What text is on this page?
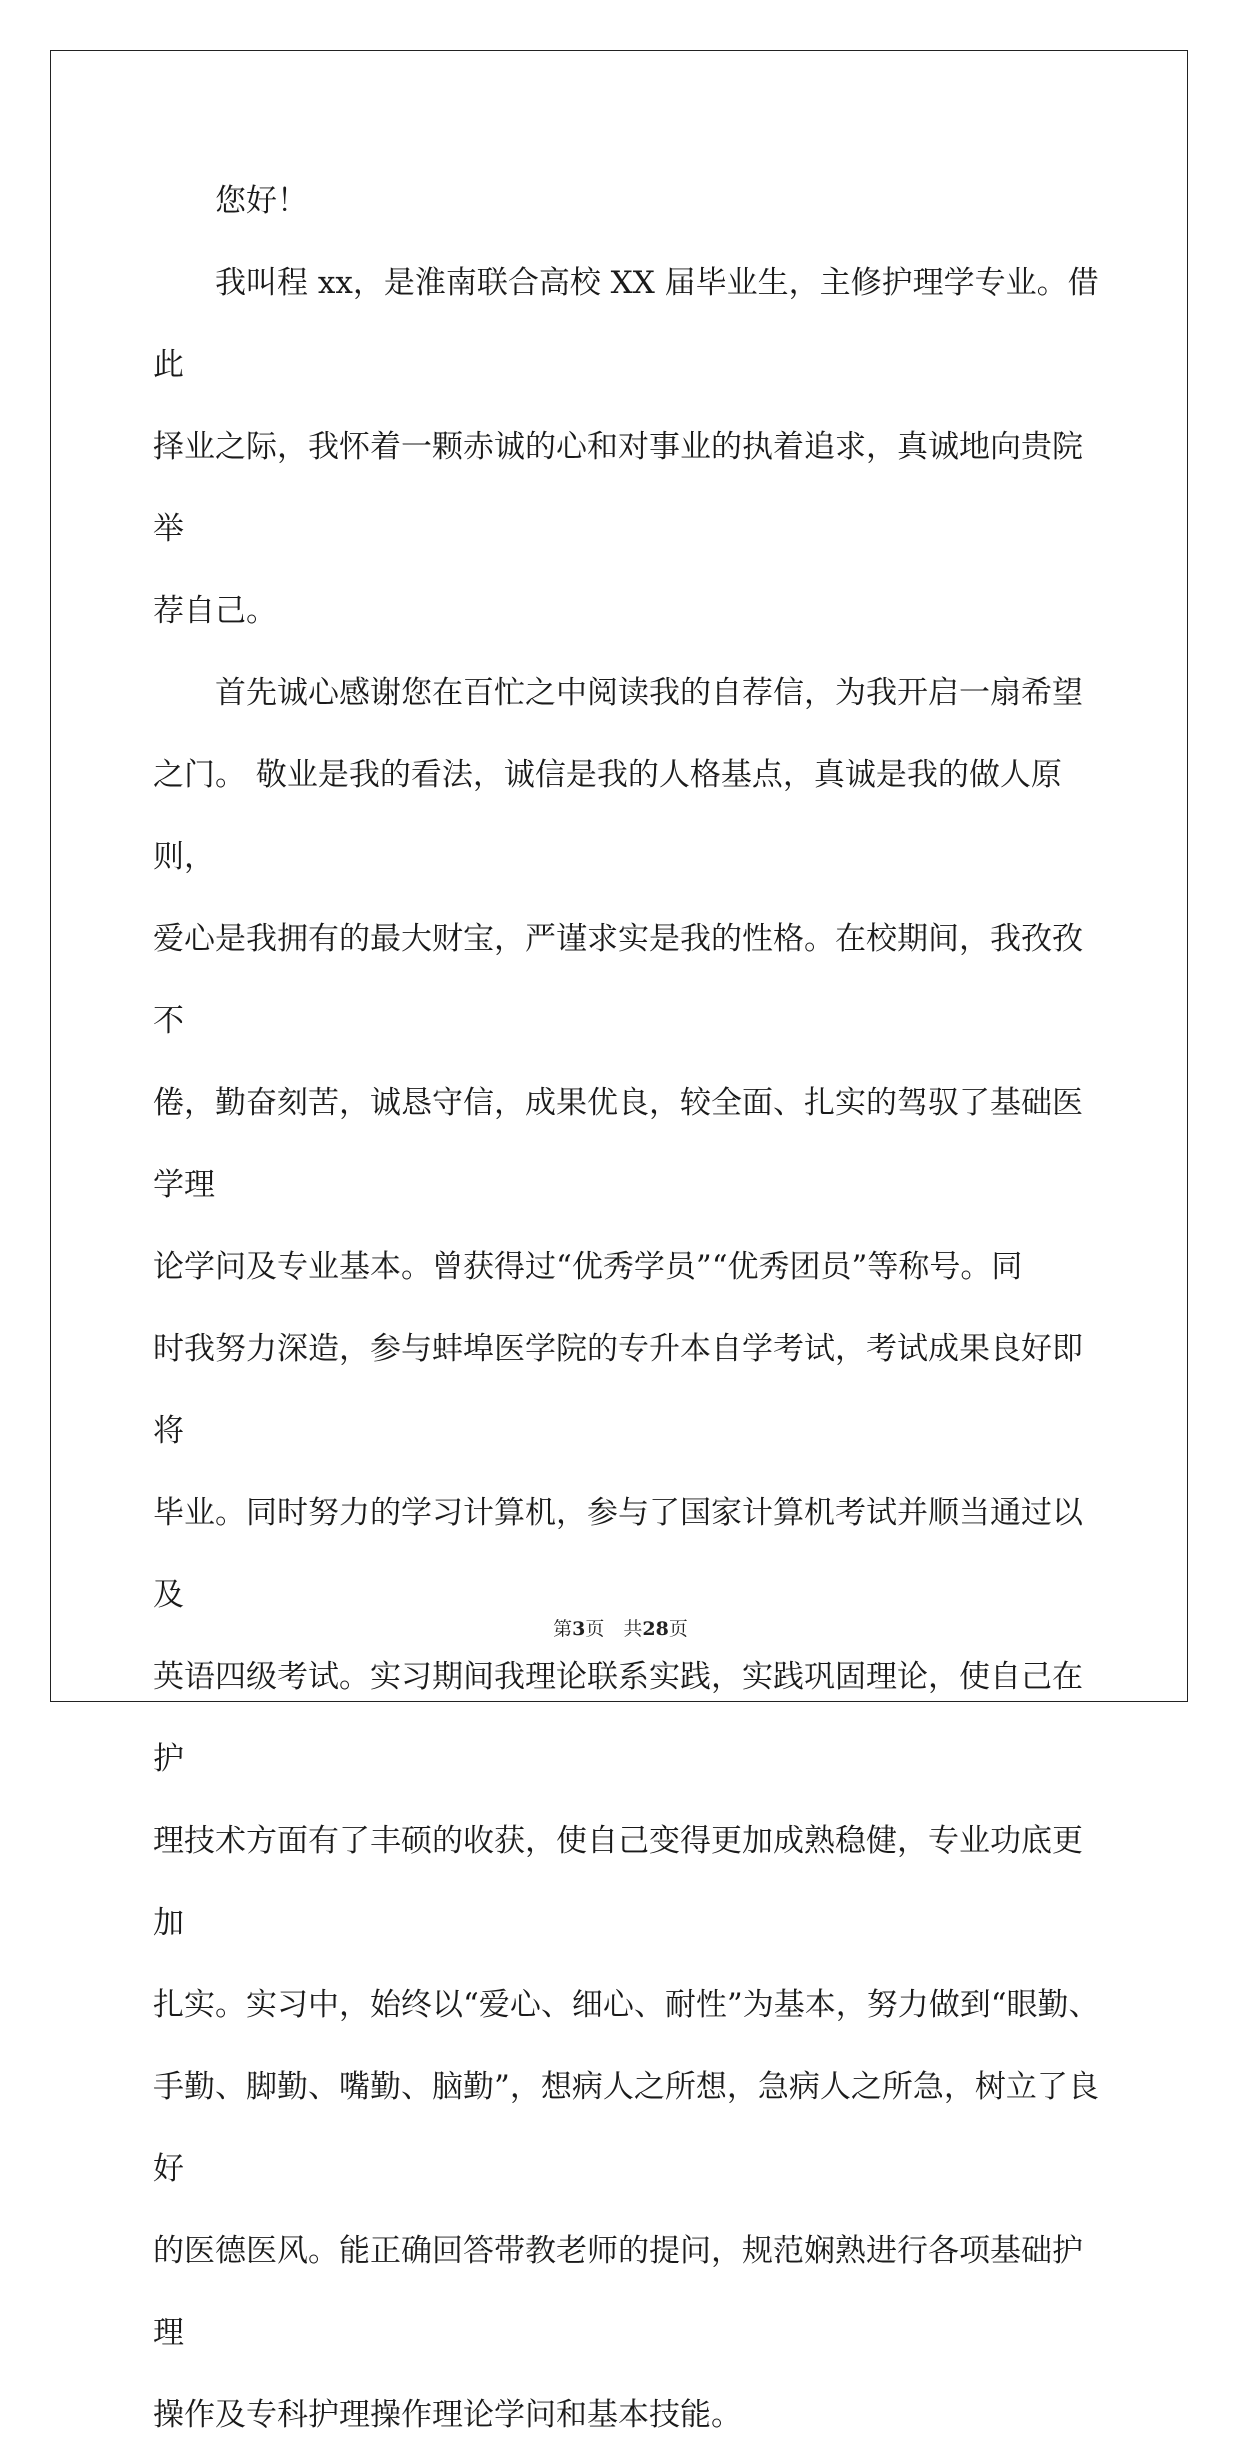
　　您好！

　　我叫程 xx，是淮南联合高校 XX 届毕业生，主修护理学专业。借此

择业之际，我怀着一颗赤诚的心和对事业的执着追求，真诚地向贵院举

荐自己。

　　首先诚心感谢您在百忙之中阅读我的自荐信，为我开启一扇希望

之门。 敬业是我的看法，诚信是我的人格基点，真诚是我的做人原则，

爱心是我拥有的最大财宝，严谨求实是我的性格。在校期间，我孜孜不

倦，勤奋刻苦，诚恳守信，成果优良，较全面、扎实的驾驭了基础医学理

论学问及专业基本。曾获得过“优秀学员”“优秀团员”等称号。同

时我努力深造，参与蚌埠医学院的专升本自学考试，考试成果良好即将

毕业。同时努力的学习计算机，参与了国家计算机考试并顺当通过以及

英语四级考试。实习期间我理论联系实践，实践巩固理论，使自己在护

理技术方面有了丰硕的收获，使自己变得更加成熟稳健，专业功底更加

扎实。实习中，始终以“爱心、细心、耐性”为基本，努力做到“眼勤、

手勤、脚勤、嘴勤、脑勤”，想病人之所想，急病人之所急，树立了良好

的医德医风。能正确回答带教老师的提问，规范娴熟进行各项基础护理

操作及专科护理操作理论学问和基本技能。

第3页　共28页
